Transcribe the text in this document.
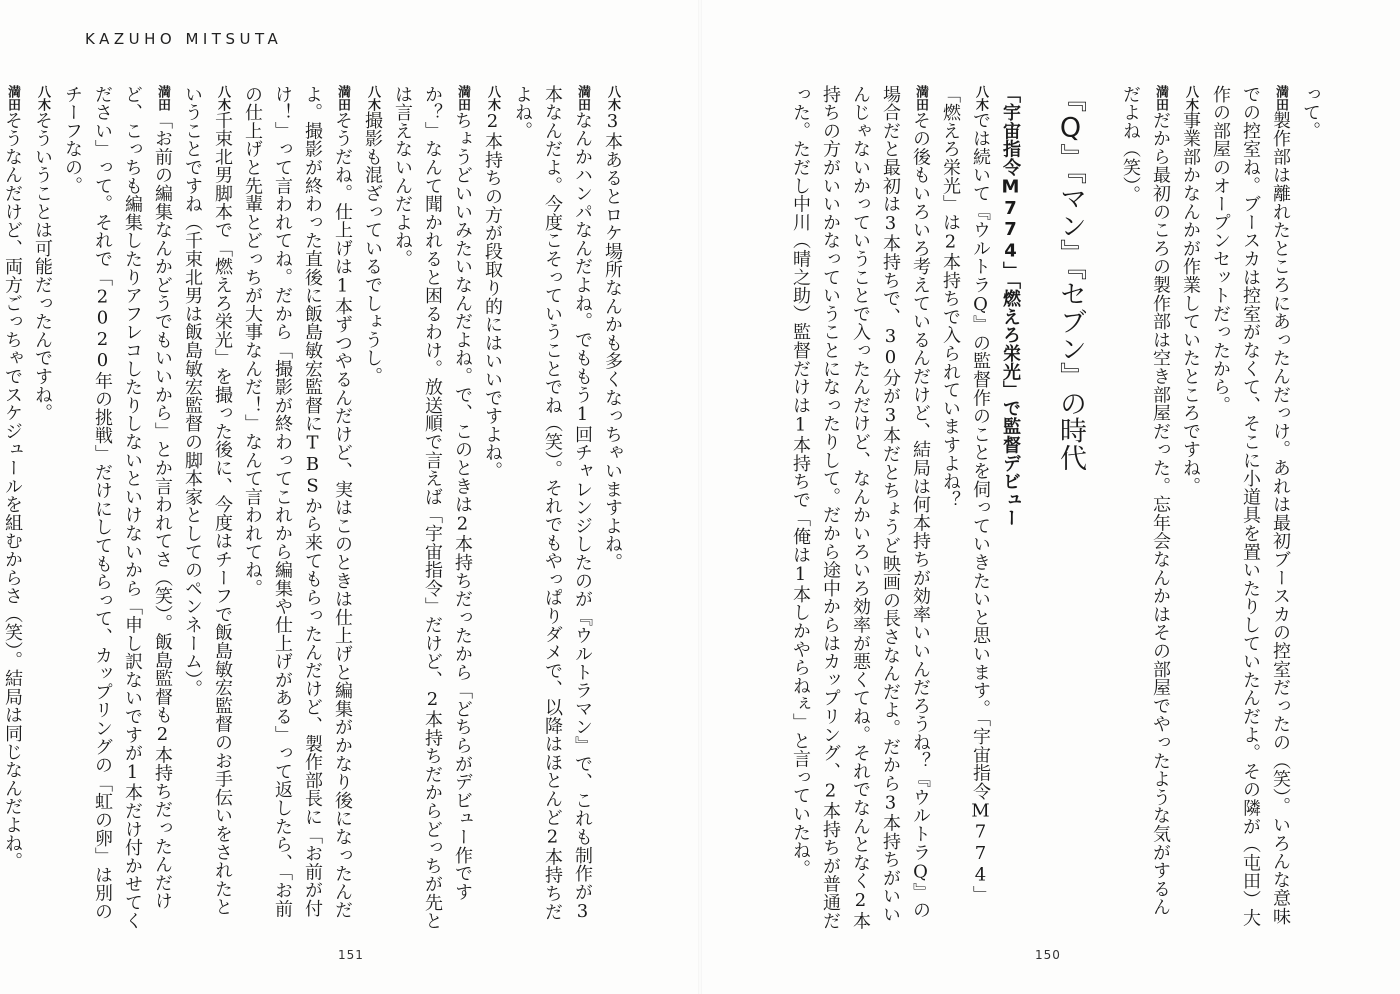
KAZUHO MITSUTA

八木3本あるとロケ場所なんかも多くなっちゃいますよね。

満田なんかハンパなんだよね。でももう1回チャレンジしたのが『ウルトラマン』で、これも制作が3本なんだよ。今度こそっていうことでね（笑）。それでもやっぱりダメで、以降はほとんど2本持ちだよね。

八木2本持ちの方が段取り的にはいいですよね。

満田ちょうどいいみたいなんだよね。で、このときは2本持ちだったから「どちらがデビュー作ですか？」なんて聞かれると困るわけ。放送順で言えば「宇宙指令」だけど、2本持ちだからどっちが先とは言えないんだよね。

八木撮影も混ざっているでしょうし。

満田そうだね。仕上げは1本ずつやるんだけど、実はこのときは仕上げと編集がかなり後になったんだよ。撮影が終わった直後に飯島敏宏監督にTBSから来てもらったんだけど、製作部長に「お前が付け！」って言われてね。だから「撮影が終わってこれから編集や仕上げがある」って返したら、「お前の仕上げと先輩とどっちが大事なんだ！」なんて言われてね。

八木千束北男脚本で「燃えろ栄光」を撮った後に、今度はチーフで飯島敏宏監督のお手伝いをされたということですね（千束北男は飯島敏宏監督の脚本家としてのペンネーム）。

満田「お前の編集なんかどうでもいいから」とか言われてさ（笑）。飯島監督も2本持ちだったんだけど、こっちも編集したりアフレコしたりしないといけないから「申し訳ないですが1本だけ付かせてください」って。それで「2020年の挑戦」だけにしてもらって、カップリングの「虹の卵」は別のチーフなの。

八木そういうことは可能だったんですね。

満田そうなんだけど、両方ごっちゃでスケジュールを組むからさ（笑）。結局は同じなんだよね。

151

って。

満田製作部は離れたところにあったんだっけ。あれは最初ブースカの控室だったの（笑）。いろんな意味での控室ね。ブースカは控室がなくて、そこに小道具を置いたりしていたんだよ。その隣が（屯田）大作の部屋のオープンセットだったから。

八木事業部かなんかが作業していたところですね。

満田だから最初のころの製作部は空き部屋だった。忘年会なんかはその部屋でやったような気がするんだよね（笑）。

『Q』『マン』『セブン』の時代
「宇宙指令M774」「燃えろ栄光」で監督デビュー

八木では続いて『ウルトラQ』の監督作のことを伺っていきたいと思います。「宇宙指令M774」「燃えろ栄光」は2本持ちで入られていますよね？

満田その後もいろいろ考えているんだけど、結局は何本持ちが効率いいんだろうね？『ウルトラQ』の場合だと最初は3本持ちで、30分が3本だとちょうど映画の長さなんだよ。だから3本持ちがいいんじゃないかっていうことで入ったんだけど、なんかいろいろ効率が悪くてね。それでなんとなく2本持ちの方がいいかなっていうことになったりして。だから途中からはカップリング、2本持ちが普通だった。ただし中川（晴之助）監督だけは1本持ちで「俺は1本しかやらねぇ」と言っていたね。

150
